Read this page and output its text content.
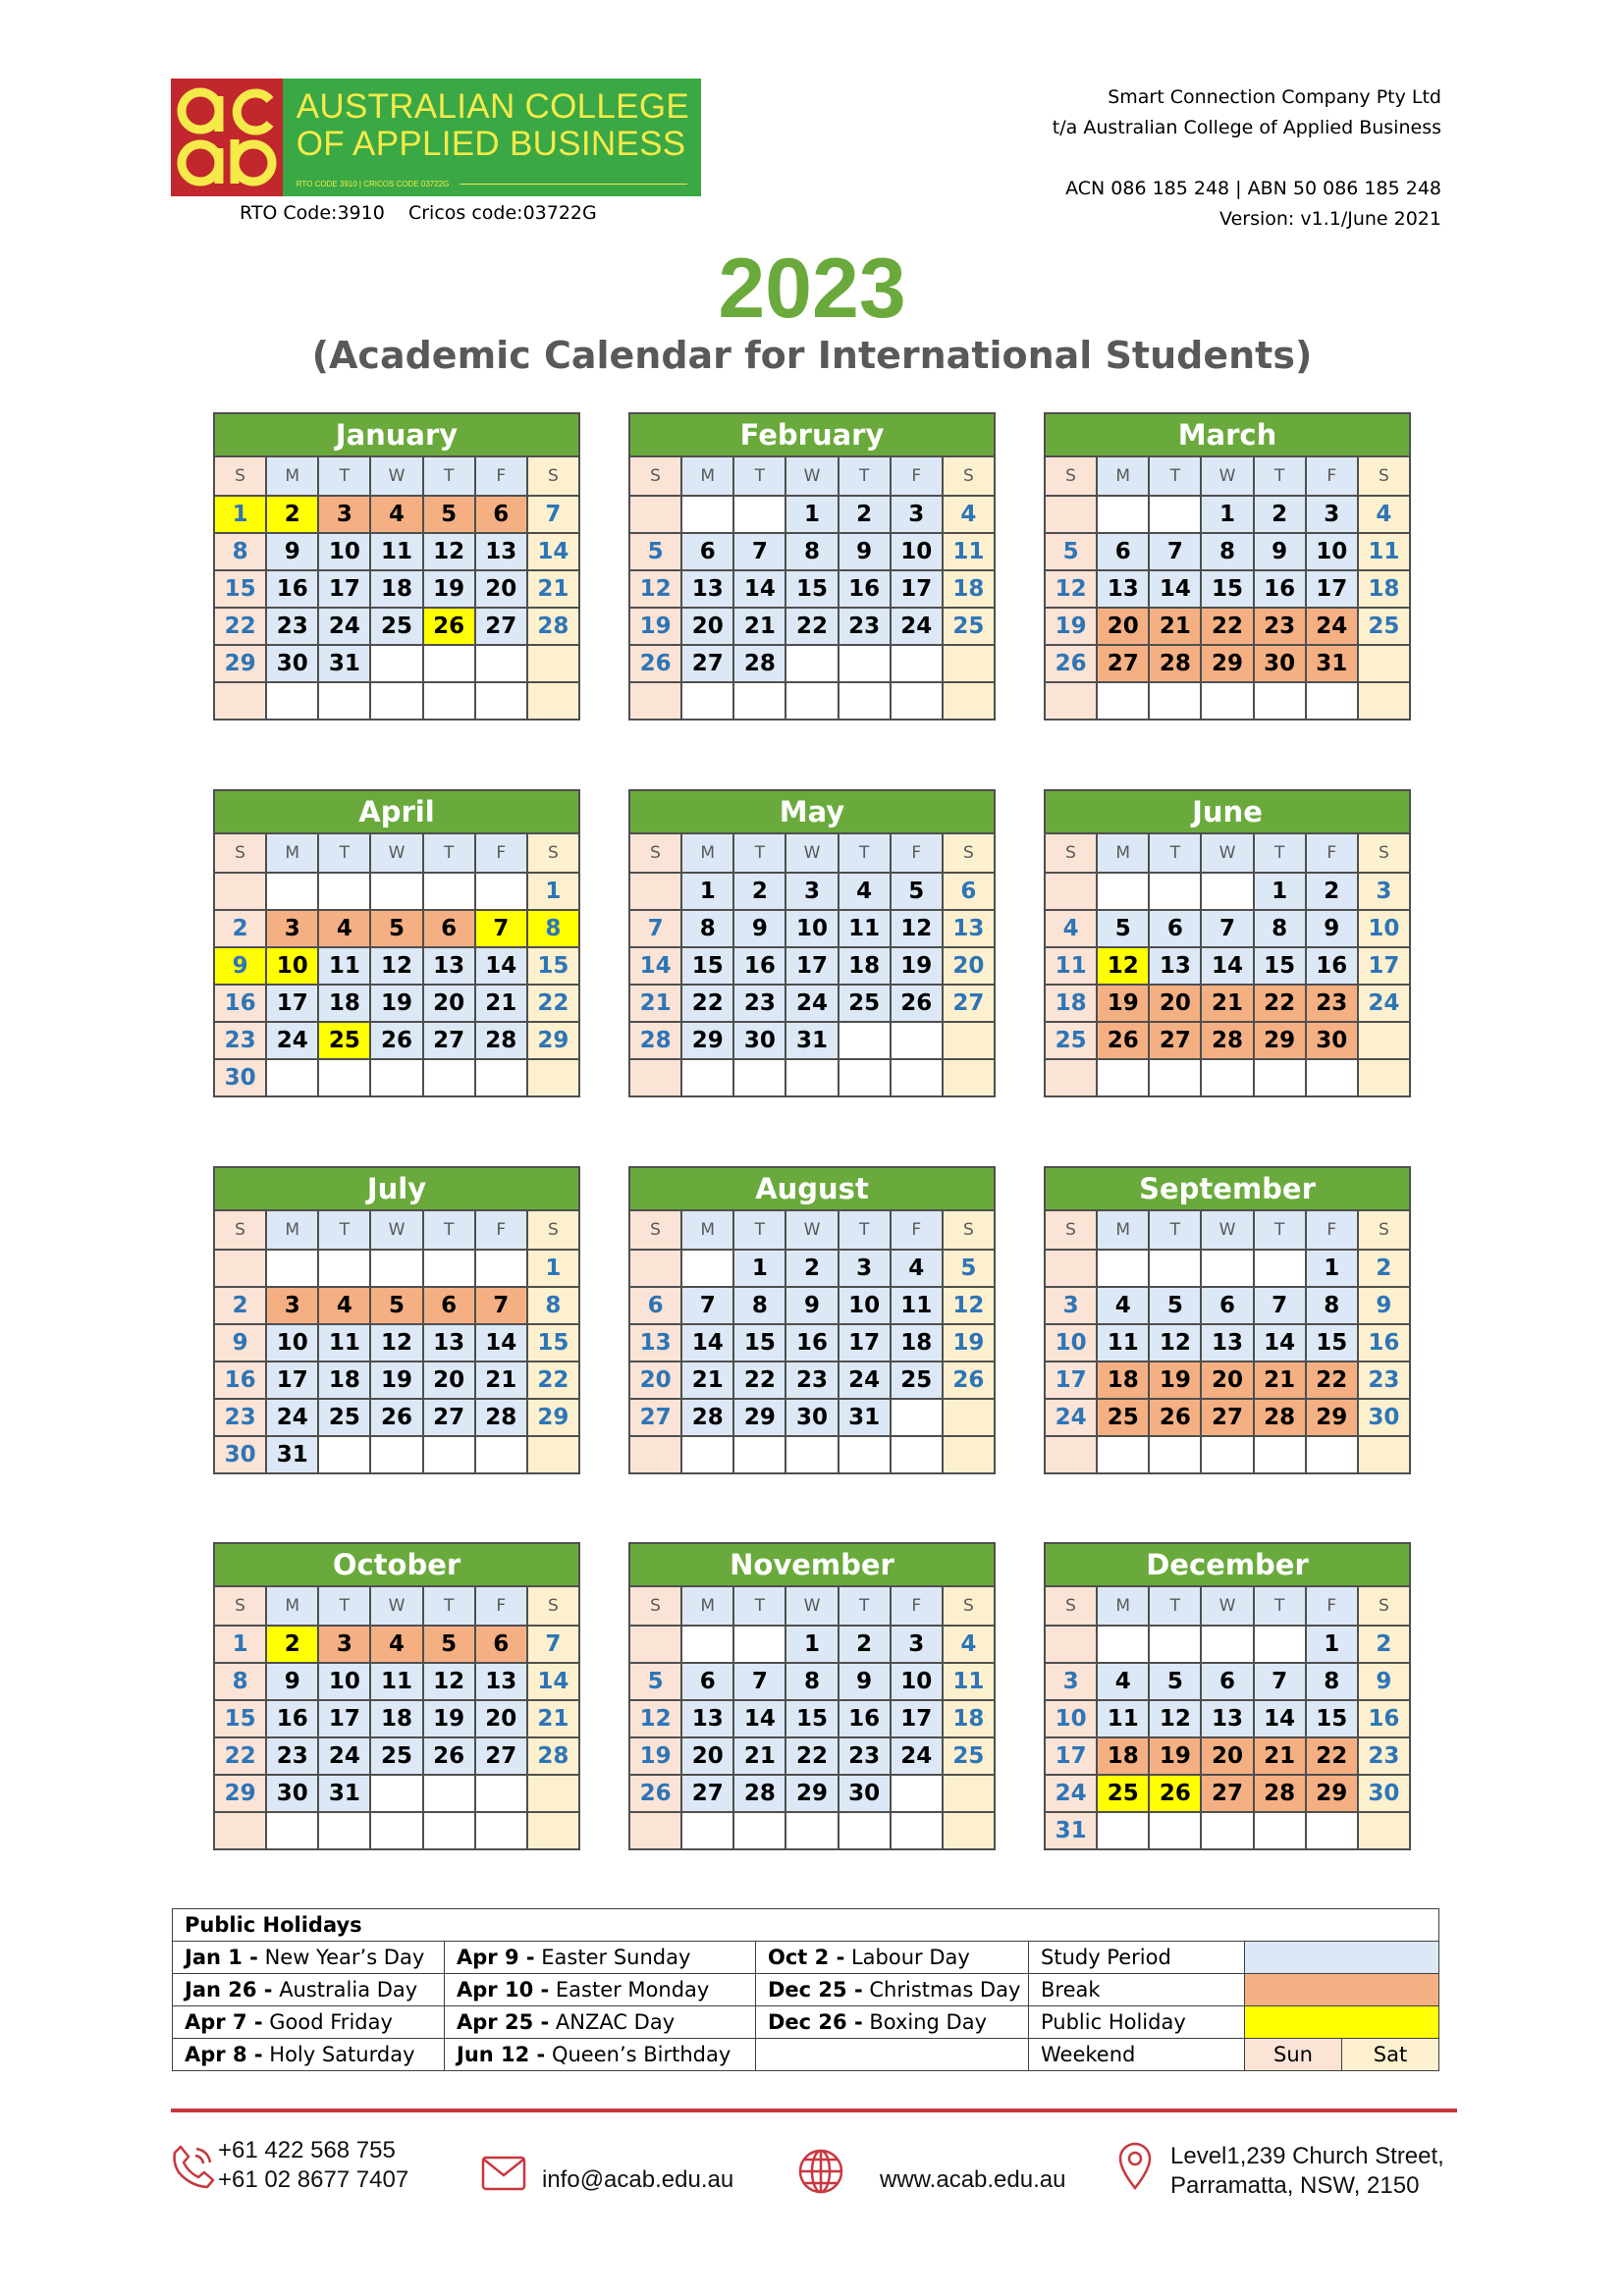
AUSTRALIAN COLLEGE
OF APPLIED BUSINESS
RTO CODE 3910 | CRICOS CODE 03722G
RTO Code:3910    Cricos code:03722G
Smart Connection Company Pty Ltd
t/a Australian College of Applied Business
ACN 086 185 248 | ABN 50 086 185 248
Version: v1.1/June 2021
2023
(Academic Calendar for International Students)
January
S	M	T	W	T	F	S
1	2	3	4	5	6	7
8	9	10	11	12	13	14
15	16	17	18	19	20	21
22	23	24	25	26	27	28
29	30	31				

February
S	M	T	W	T	F	S
			1	2	3	4
5	6	7	8	9	10	11
12	13	14	15	16	17	18
19	20	21	22	23	24	25
26	27	28				

March
S	M	T	W	T	F	S
			1	2	3	4
5	6	7	8	9	10	11
12	13	14	15	16	17	18
19	20	21	22	23	24	25
26	27	28	29	30	31	

April
S	M	T	W	T	F	S
						1
2	3	4	5	6	7	8
9	10	11	12	13	14	15
16	17	18	19	20	21	22
23	24	25	26	27	28	29
30						
May
S	M	T	W	T	F	S
	1	2	3	4	5	6
7	8	9	10	11	12	13
14	15	16	17	18	19	20
21	22	23	24	25	26	27
28	29	30	31			

June
S	M	T	W	T	F	S
				1	2	3
4	5	6	7	8	9	10
11	12	13	14	15	16	17
18	19	20	21	22	23	24
25	26	27	28	29	30	

July
S	M	T	W	T	F	S
						1
2	3	4	5	6	7	8
9	10	11	12	13	14	15
16	17	18	19	20	21	22
23	24	25	26	27	28	29
30	31					
August
S	M	T	W	T	F	S
		1	2	3	4	5
6	7	8	9	10	11	12
13	14	15	16	17	18	19
20	21	22	23	24	25	26
27	28	29	30	31		

September
S	M	T	W	T	F	S
					1	2
3	4	5	6	7	8	9
10	11	12	13	14	15	16
17	18	19	20	21	22	23
24	25	26	27	28	29	30

October
S	M	T	W	T	F	S
1	2	3	4	5	6	7
8	9	10	11	12	13	14
15	16	17	18	19	20	21
22	23	24	25	26	27	28
29	30	31				

November
S	M	T	W	T	F	S
			1	2	3	4
5	6	7	8	9	10	11
12	13	14	15	16	17	18
19	20	21	22	23	24	25
26	27	28	29	30		

December
S	M	T	W	T	F	S
					1	2
3	4	5	6	7	8	9
10	11	12	13	14	15	16
17	18	19	20	21	22	23
24	25	26	27	28	29	30
31						
Public Holidays					
Jan 1 - New Year’s Day	Apr 9 - Easter Sunday	Oct 2 - Labour Day	Study Period		
Jan 26 - Australia Day	Apr 10 - Easter Monday	Dec 25 - Christmas Day	Break		
Apr 7 - Good Friday	Apr 25 - ANZAC Day	Dec 26 - Boxing Day	Public Holiday		
Apr 8 - Holy Saturday	Jun 12 - Queen’s Birthday		Weekend	Sun	Sat
+61 422 568 755
+61 02 8677 7407	info@acab.edu.au	www.acab.edu.au
Level1,239 Church Street,
Parramatta, NSW, 2150
